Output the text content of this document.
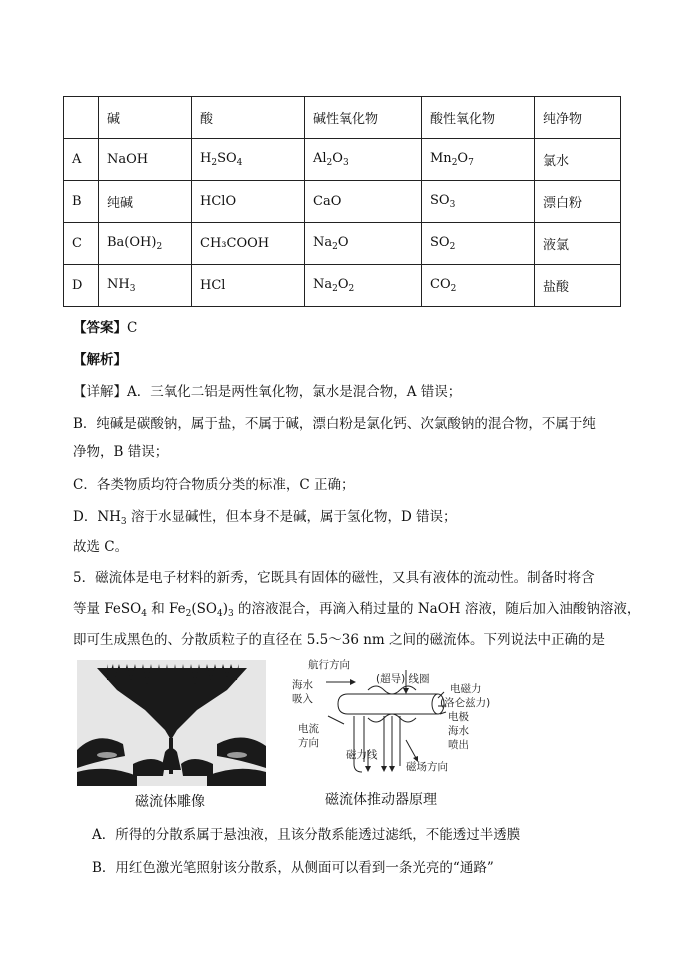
	碱	酸	碱性氧化物	酸性氧化物	纯净物
A	NaOH	$H_2SO_4$	$Al_2O_3$	$Mn_2O_7$	氯水
B	纯碱	HClO	CaO	$SO_3$	漂白粉
C	$Ba(OH)_2$	CH₃COOH	$Na_2O$	$SO_2$	液氯
D	$NH_3$	HCl	$Na_2O_2$	$CO_2$	盐酸
【答案】C
【解析】
【详解】A．三氧化二铝是两性氧化物，氯水是混合物，A 错误；
B．纯碱是碳酸钠，属于盐，不属于碱，漂白粉是氯化钙、次氯酸钠的混合物，不属于纯
净物，B 错误；
C．各类物质均符合物质分类的标准，C 正确；
D．$NH_3$ 溶于水显碱性，但本身不是碱，属于氢化物，D 错误；
故选 C。
5．磁流体是电子材料的新秀，它既具有固体的磁性，又具有液体的流动性。制备时将含
等量 FeSO$_4$ 和 $Fe_2(SO_4)_3$ 的溶液混合，再滴入稍过量的 NaOH 溶液，随后加入油酸钠溶液，
即可生成黑色的、分散质粒子的直径在 5.5～36 nm 之间的磁流体。下列说法中正确的是
航行方向
海水
吸入
(超导) 线圈
电磁力
(洛仑兹力)
电极
海水
喷出
电流
方向
磁力线
磁场方向
磁流体雕像	磁流体推动器原理
A．所得的分散系属于悬浊液，且该分散系能透过滤纸，不能透过半透膜
B．用红色激光笔照射该分散系，从侧面可以看到一条光亮的“通路”
